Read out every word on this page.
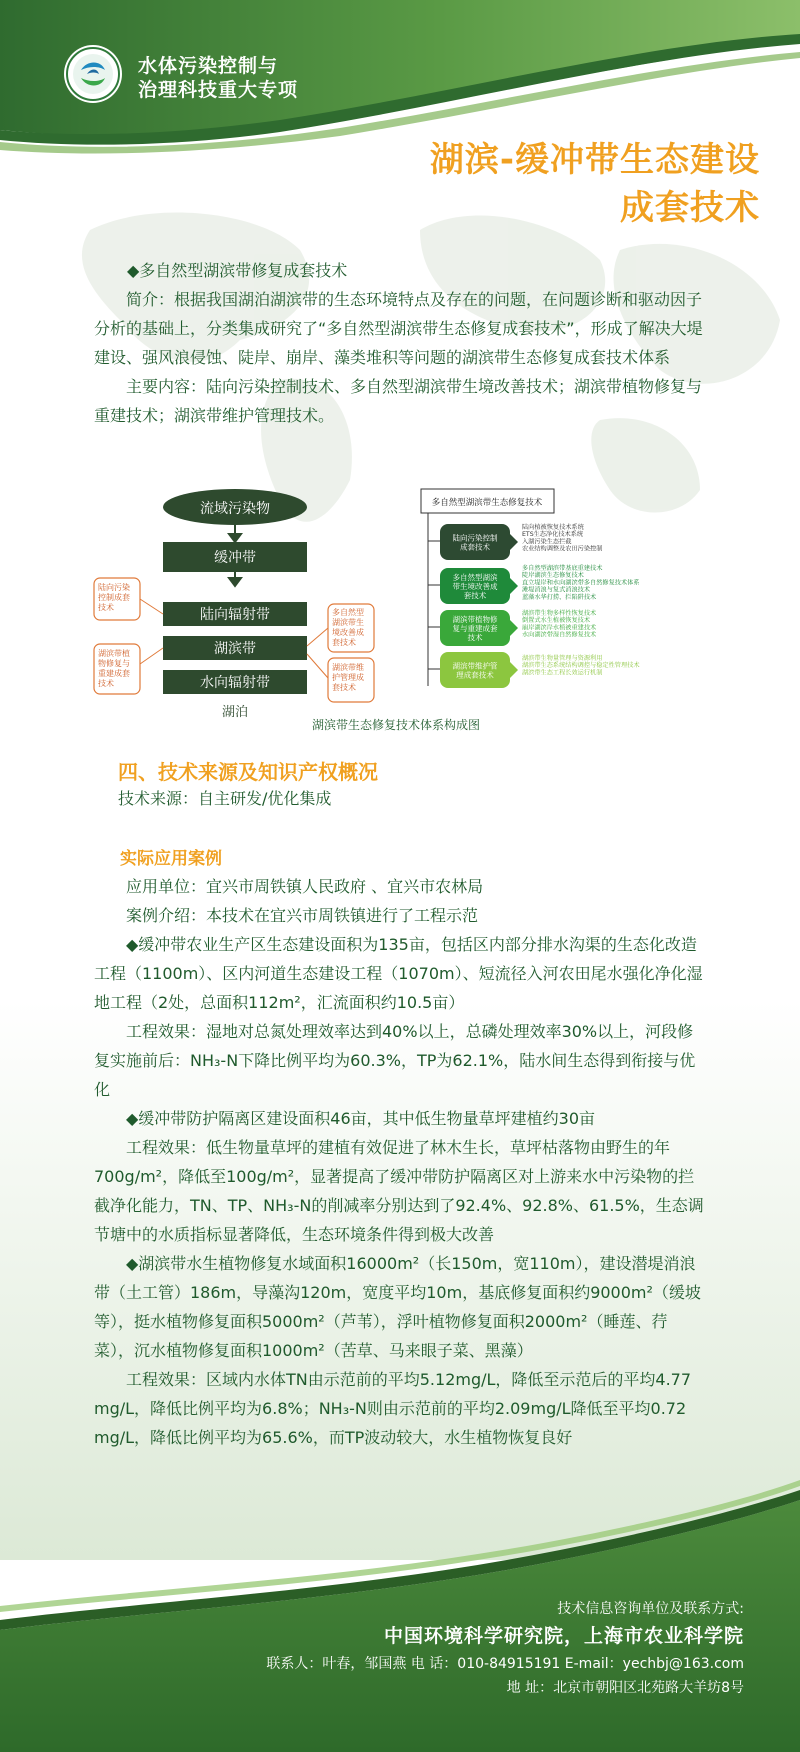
水体污染控制与
治理科技重大专项
湖滨-缓冲带生态建设
成套技术

◆多自然型湖滨带修复成套技术

简介：根据我国湖泊湖滨带的生态环境特点及存在的问题，在问题诊断和驱动因子分析的基础上，分类集成研究了“多自然型湖滨带生态修复成套技术”，形成了解决大堤建设、强风浪侵蚀、陡岸、崩岸、藻类堆积等问题的湖滨带生态修复成套技术体系

主要内容：陆向污染控制技术、多自然型湖滨带生境改善技术；湖滨带植物修复与重建技术；湖滨带维护管理技术。

流域污染物
缓冲带
陆向辐射带
湖滨带
水向辐射带
湖泊
陆向污染
控制成套
技术
湖滨带植
物修复与
重建成套
技术
多自然型
湖滨带生
境改善成
套技术
湖滨带维
护管理成
套技术
多自然型湖滨带生态修复技术
陆向污染控制
成套技术
陆向植被恢复技术系统
ETS生态净化技术系统
入湖污染生态拦截
农业结构调整及农田污染控制
多自然型湖滨
带生境改善成
套技术
多自然型湖滨带基底重建技术
陡岸湖滨生态修复技术
直立堤岸和水向湖滨带多自然修复技术体系
滩堤消浪与复式消浪技术
蓝藻水华打捞、拦陷阱技术
湖滨带植物修
复与重建成套
技术
湖滨带生物多样性恢复技术
倒置式水生植被恢复技术
崩岸湖滨岸水植被重建技术
水向湖滨带湿自然修复技术
湖滨带维护管
理成套技术
湖滨带生物量管理与资源利用
湖滨带生态系统结构调控与稳定性管理技术
湖滨带生态工程长效运行机制
湖滨带生态修复技术体系构成图
四、技术来源及知识产权概况
技术来源：自主研发/优化集成
实际应用案例

应用单位：宜兴市周铁镇人民政府 、宜兴市农林局

案例介绍：本技术在宜兴市周铁镇进行了工程示范

◆缓冲带农业生产区生态建设面积为135亩，包括区内部分排水沟渠的生态化改造工程（1100m）、区内河道生态建设工程（1070m）、短流径入河农田尾水强化净化湿地工程（2处，总面积112m²，汇流面积约10.5亩）

工程效果：湿地对总氮处理效率达到40%以上，总磷处理效率30%以上，河段修复实施前后：NH₃-N下降比例平均为60.3%，TP为62.1%，陆水间生态得到衔接与优化

◆缓冲带防护隔离区建设面积46亩，其中低生物量草坪建植约30亩

工程效果：低生物量草坪的建植有效促进了林木生长，草坪枯落物由野生的年700g/m²，降低至100g/m²，显著提高了缓冲带防护隔离区对上游来水中污染物的拦截净化能力，TN、TP、NH₃-N的削减率分别达到了92.4%、92.8%、61.5%，生态调节塘中的水质指标显著降低，生态环境条件得到极大改善

◆湖滨带水生植物修复水域面积16000m²（长150m，宽110m），建设潜堤消浪带（土工管）186m，导藻沟120m，宽度平均10m，基底修复面积约9000m²（缓坡等），挺水植物修复面积5000m²（芦苇），浮叶植物修复面积2000m²（睡莲、荇菜），沉水植物修复面积1000m²（苦草、马来眼子菜、黑藻）

工程效果：区域内水体TN由示范前的平均5.12mg/L，降低至示范后的平均4.77 mg/L，降低比例平均为6.8%；NH₃-N则由示范前的平均2.09mg/L降低至平均0.72 mg/L，降低比例平均为65.6%，而TP波动较大，水生植物恢复良好

技术信息咨询单位及联系方式:
中国环境科学研究院，上海市农业科学院
联系人：叶春，邹国燕 电 话：010-84915191 E-mail：yechbj@163.com
地 址：北京市朝阳区北苑路大羊坊8号
